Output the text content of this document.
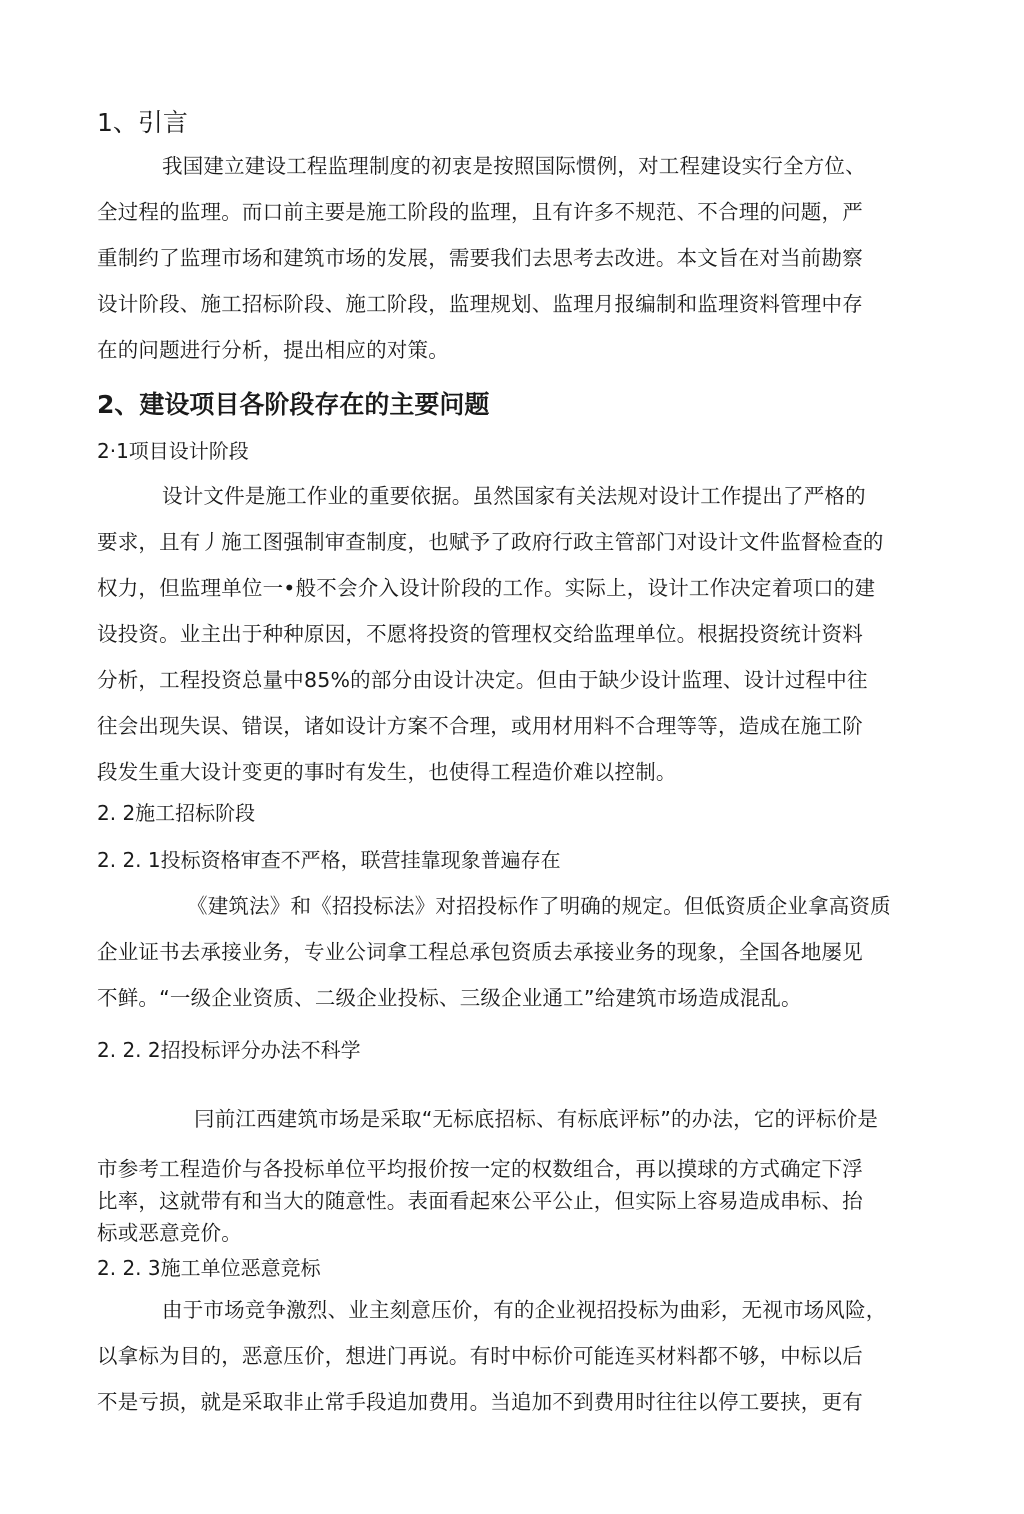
1、引言
我国建立建设工程监理制度的初衷是按照国际惯例，对工程建设实行全方位、
全过程的监理。而口前主要是施工阶段的监理，且有许多不规范、不合理的问题，严
重制约了监理市场和建筑市场的发展，需要我们去思考去改进。本文旨在对当前勘察
设计阶段、施工招标阶段、施工阶段，监理规划、监理月报编制和监理资料管理中存
在的问题进行分析，提出相应的对策。
2、建设项目各阶段存在的主要问题
2·1项目设计阶段
设计文件是施工作业的重要依据。虽然国家有关法规对设计工作提出了严格的
要求，且有丿施工图强制审查制度，也赋予了政府行政主管部门对设计文件监督检查的
权力，但监理单位一•般不会介入设计阶段的工作。实际上，设计工作决定着项口的建
设投资。业主出于种种原因，不愿将投资的管理权交给监理单位。根据投资统计资料
分析，工程投资总量中85%的部分由设计决定。但由于缺少设计监理、设计过程中往
往会出现失误、错误，诸如设计方案不合理，或用材用料不合理等等，造成在施工阶
段发生重大设计变更的事时有发生，也使得工程造价难以控制。
2. 2施工招标阶段
2. 2. 1投标资格审查不严格，联营挂靠现象普遍存在
《建筑法》和《招投标法》对招投标作了明确的规定。但低资质企业拿高资质
企业证书去承接业务，专业公词拿工程总承包资质去承接业务的现象，全国各地屡见
不鲜。“一级企业资质、二级企业投标、三级企业通工”给建筑市场造成混乱。
2. 2. 2招投标评分办法不科学
冃前江西建筑市场是采取“无标底招标、有标底评标”的办法，它的评标价是
市参考工程造价与各投标单位平均报价按一定的权数组合，再以摸球的方式确定下浮
比率，这就带有和当大的随意性。表面看起來公平公止，但实际上容易造成串标、抬
标或恶意竞价。
2. 2. 3施工单位恶意竞标
由于市场竞争激烈、业主刻意压价，有的企业视招投标为曲彩，无视市场风险，
以拿标为目的，恶意压价，想进门再说。有时中标价可能连买材料都不够，中标以后
不是亏损，就是采取非止常手段追加费用。当追加不到费用时往往以停工要挟，更有
